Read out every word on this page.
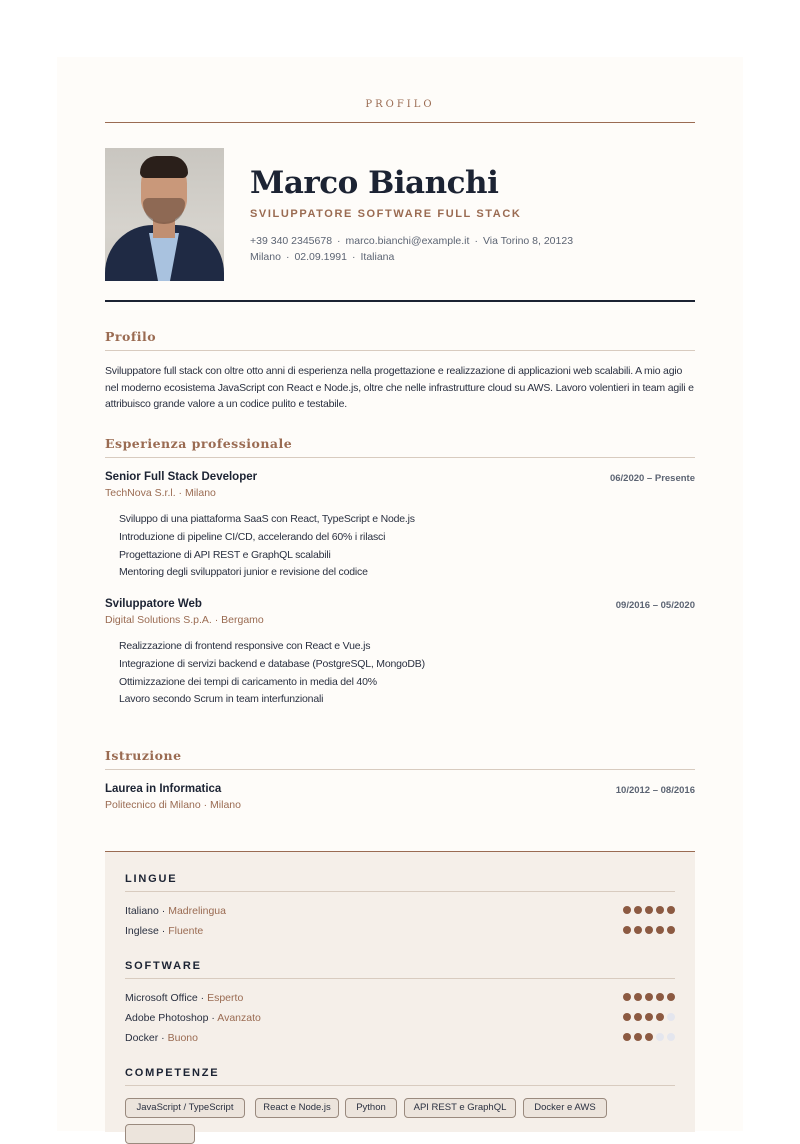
PROFILO
Marco Bianchi
SVILUPPATORE SOFTWARE FULL STACK
+39 340 2345678 · marco.bianchi@example.it · Via Torino 8, 20123 Milano · 02.09.1991 · Italiana
Profilo
Sviluppatore full stack con oltre otto anni di esperienza nella progettazione e realizzazione di applicazioni web scalabili. A mio agio nel moderno ecosistema JavaScript con React e Node.js, oltre che nelle infrastrutture cloud su AWS. Lavoro volentieri in team agili e attribuisco grande valore a un codice pulito e testabile.
Esperienza professionale
Senior Full Stack Developer
TechNova S.r.l. · Milano
06/2020 – Presente
Sviluppo di una piattaforma SaaS con React, TypeScript e Node.js
Introduzione di pipeline CI/CD, accelerando del 60% i rilasci
Progettazione di API REST e GraphQL scalabili
Mentoring degli sviluppatori junior e revisione del codice
Sviluppatore Web
Digital Solutions S.p.A. · Bergamo
09/2016 – 05/2020
Realizzazione di frontend responsive con React e Vue.js
Integrazione di servizi backend e database (PostgreSQL, MongoDB)
Ottimizzazione dei tempi di caricamento in media del 40%
Lavoro secondo Scrum in team interfunzionali
Istruzione
Laurea in Informatica
Politecnico di Milano · Milano
10/2012 – 08/2016
LINGUE
Italiano · Madrelingua
Inglese · Fluente
SOFTWARE
Microsoft Office · Esperto
Adobe Photoshop · Avanzato
Docker · Buono
COMPETENZE
JavaScript / TypeScript	React e Node.js	Python	API REST e GraphQL	Docker e AWS
